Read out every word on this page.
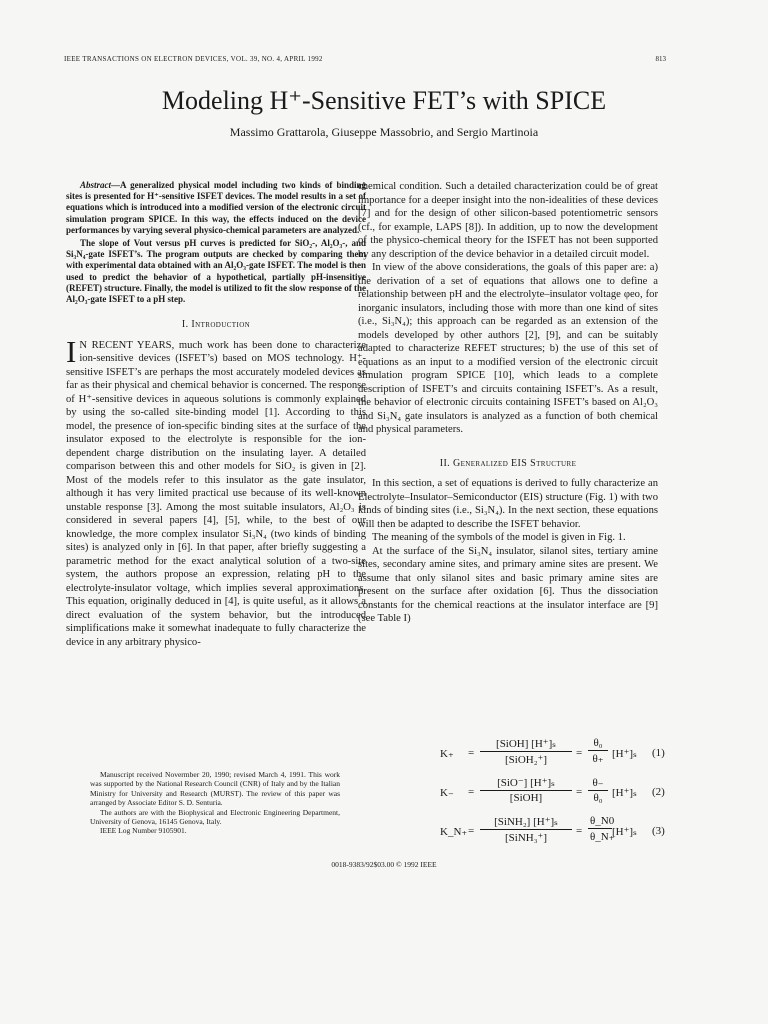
IEEE TRANSACTIONS ON ELECTRON DEVICES, VOL. 39, NO. 4, APRIL 1992	813
Modeling H⁺-Sensitive FET’s with SPICE
Massimo Grattarola, Giuseppe Massobrio, and Sergio Martinoia

Abstract—A generalized physical model including two kinds of binding sites is presented for H⁺-sensitive ISFET devices. The model results in a set of equations which is introduced into a modified version of the electronic circuit simulation program SPICE. In this way, the effects induced on the device performances by varying several physico-chemical parameters are analyzed.

The slope of Vout versus pH curves is predicted for SiO₂-, Al₂O₃-, and Si₃N₄-gate ISFET’s. The program outputs are checked by comparing them with experimental data obtained with an Al₂O₃-gate ISFET. The model is then used to predict the behavior of a hypothetical, partially pH-insensitive (REFET) structure. Finally, the model is utilized to fit the slow response of the Al₂O₃-gate ISFET to a pH step.

I. Introduction

I N RECENT YEARS, much work has been done to characterize ion-sensitive devices (ISFET’s) based on MOS technology. H⁺-sensitive ISFET’s are perhaps the most accurately modeled devices as far as their physical and chemical behavior is concerned. The response of H⁺-sensitive devices in aqueous solutions is commonly explained by using the so-called site-binding model [1]. According to this model, the presence of ion-specific binding sites at the surface of the insulator exposed to the electrolyte is responsible for the ion-dependent charge distribution on the insulating layer. A detailed comparison between this and other models for SiO₂ is given in [2]. Most of the models refer to this insulator as the gate insulator, although it has very limited practical use because of its well-known unstable response [3]. Among the most suitable insulators, Al₂O₃ is considered in several papers [4], [5], while, to the best of our knowledge, the more complex insulator Si₃N₄ (two kinds of binding sites) is analyzed only in [6]. In that paper, after briefly suggesting a parametric method for the exact analytical solution of a two-site system, the authors propose an expression, relating pH to the electrolyte-insulator voltage, which implies several approximations. This equation, originally deduced in [4], is quite useful, as it allows a direct evaluation of the system behavior, but the introduced simplifications make it somewhat inadequate to fully characterize the device in any arbitrary physico-

chemical condition. Such a detailed characterization could be of great importance for a deeper insight into the non-idealities of these devices [7] and for the design of other silicon-based potentiometric sensors (cf., for example, LAPS [8]). In addition, up to now the development of the physico-chemical theory for the ISFET has not been supported by any description of the device behavior in a detailed circuit model.

In view of the above considerations, the goals of this paper are: a) the derivation of a set of equations that allows one to define a relationship between pH and the electrolyte–insulator voltage φeo, for inorganic insulators, including those with more than one kind of sites (i.e., Si₃N₄); this approach can be regarded as an extension of the models developed by other authors [2], [9], and can be suitably adapted to characterize REFET structures; b) the use of this set of equations as an input to a modified version of the electronic circuit simulation program SPICE [10], which leads to a complete description of ISFET’s and circuits containing ISFET’s. As a result, the behavior of electronic circuits containing ISFET’s based on Al₂O₃ and Si₃N₄ gate insulators is analyzed as a function of both chemical and physical parameters.

II. Generalized EIS Structure

In this section, a set of equations is derived to fully characterize an Electrolyte–Insulator–Semiconductor (EIS) structure (Fig. 1) with two kinds of binding sites (i.e., Si₃N₄). In the next section, these equations will then be adapted to describe the ISFET behavior.

The meaning of the symbols of the model is given in Fig. 1.

At the surface of the Si₃N₄ insulator, silanol sites, tertiary amine sites, secondary amine sites, and primary amine sites are present. We assume that only silanol sites and basic primary amine sites are present on the surface after oxidation [6]. Thus the dissociation constants for the chemical reactions at the insulator interface are [9] (see Table I)

K₊ =
[SiOH] [H⁺]ₛ
[SiOH₂⁺]
=
θ₀
θ₊ [H⁺]ₛ (1)
K₋ =
[SiO⁻] [H⁺]ₛ
[SiOH]	=
θ₋
θ₀ [H⁺]ₛ (2)
K_N₊ =
[SiNH₂] [H⁺]ₛ
[SiNH₃⁺]
=
θ_N0
θ_N₊
[H⁺]ₛ (3)

Manuscript received Novermber 20, 1990; revised March 4, 1991. This work was supported by the National Research Council (CNR) of Italy and by the Italian Ministry for University and Research (MURST). The review of this paper was arranged by Associate Editor S. D. Senturia.

The authors are with the Biophysical and Electronic Engineering Department, University of Genova, 16145 Genova, Italy.

IEEE Log Number 9105901.

0018-9383/92$03.00 © 1992 IEEE
